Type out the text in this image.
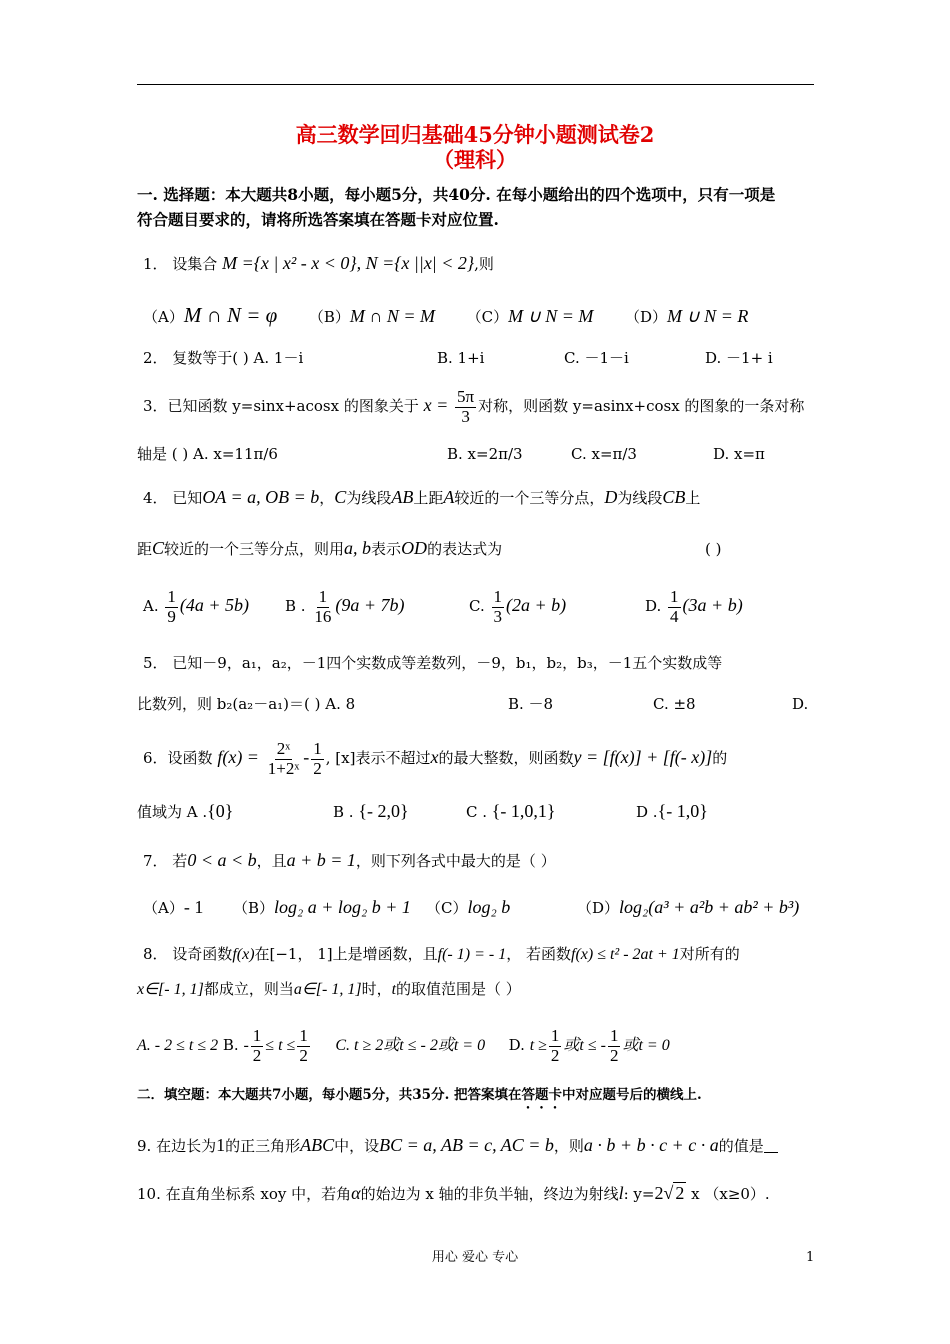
高三数学回归基础45分钟小题测试卷2
（理科）
一. 选择题：本大题共8小题，每小题5分，共40分. 在每小题给出的四个选项中，只有一项是
符合题目要求的，请将所选答案填在答题卡对应位置.
1． 设集合 M ={x | x² - x < 0}, N ={x ||x| < 2},则
（A）M ∩ N = φ （B）M ∩ N = M （C）M ∪ N = M （D）M ∪ N = R
2． 复数等于( ) A. 1－i	B. 1+i	C. －1－i	D. －1+ i
3．已知函数 y=sinx+acosx 的图象关于 $x = \frac{5\pi}{3}$ 对称，则函数 y=asinx+cosx 的图象的一条对称
轴是 ( ) A. x=11π/6	B. x=2π/3	C. x=π/3	D. x=π
4． 已知OA = a, OB = b，C为线段AB上距A较近的一个三等分点，D为线段CB上
距C较近的一个三等分点，则用a, b表示OD的表达式为	( )
A. $\frac{1}{9} (4a + 5b)$ B . $\frac{1}{16} (9a + 7b)$	C. $\frac{1}{3} (2a + b)$	D. $\frac{1}{4} (3a + b)$
5． 已知－9，a₁，a₂，－1四个实数成等差数列，－9，b₁，b₂，b₃，－1五个实数成等
比数列，则 b₂(a₂－a₁)＝( ) A. 8	B. －8	C. ±8	D.
6．设函数 $f(x) = \frac{\text{2ˣ}}{\text{1+2ˣ}} - \frac{1}{2}$ , [x]表示不超过x的最大整数，则函数y = [f(x)] + [f(- x)]的
值域为 A .{0}	B . {- 2,0}	C . {- 1,0,1}	D .{- 1,0}
7． 若0 < a < b，且a + b = 1，则下列各式中最大的是（ ）
（A）- 1 （B）log₂ a + log₂ b + 1 （C）log₂ b	（D）log₂(a³ + a²b + ab² + b³)
8． 设奇函数f(x)在[−1， 1]上是增函数，且f(- 1) = - 1， 若函数f(x) ≤ t² - 2at + 1对所有的
x∈[- 1, 1]都成立，则当a∈[- 1, 1]时，t的取值范围是（ ）
A. - 2 ≤ t ≤ 2 B. - $\frac{1}{2} \le t \le \frac{1}{2} C$. t ≥ 2或t ≤ - 2或t = 0 D. $t \ge \frac{1}{2}$ 或t ≤ - $\frac{1}{2}$ 或t = 0
二．填空题：本大题共7小题，每小题5分，共35分. 把答案填在答题卡中对应题号后的横线上.
9. 在边长为1的正三角形ABC中，设BC = a, AB = c, AC = b，则a · b + b · c + c · a的值是
10. 在直角坐标系 xoy 中，若角α的始边为 x 轴的非负半轴，终边为射线l: y=2√ 2 x （x≥0）.
用心 爱心 专心	1
